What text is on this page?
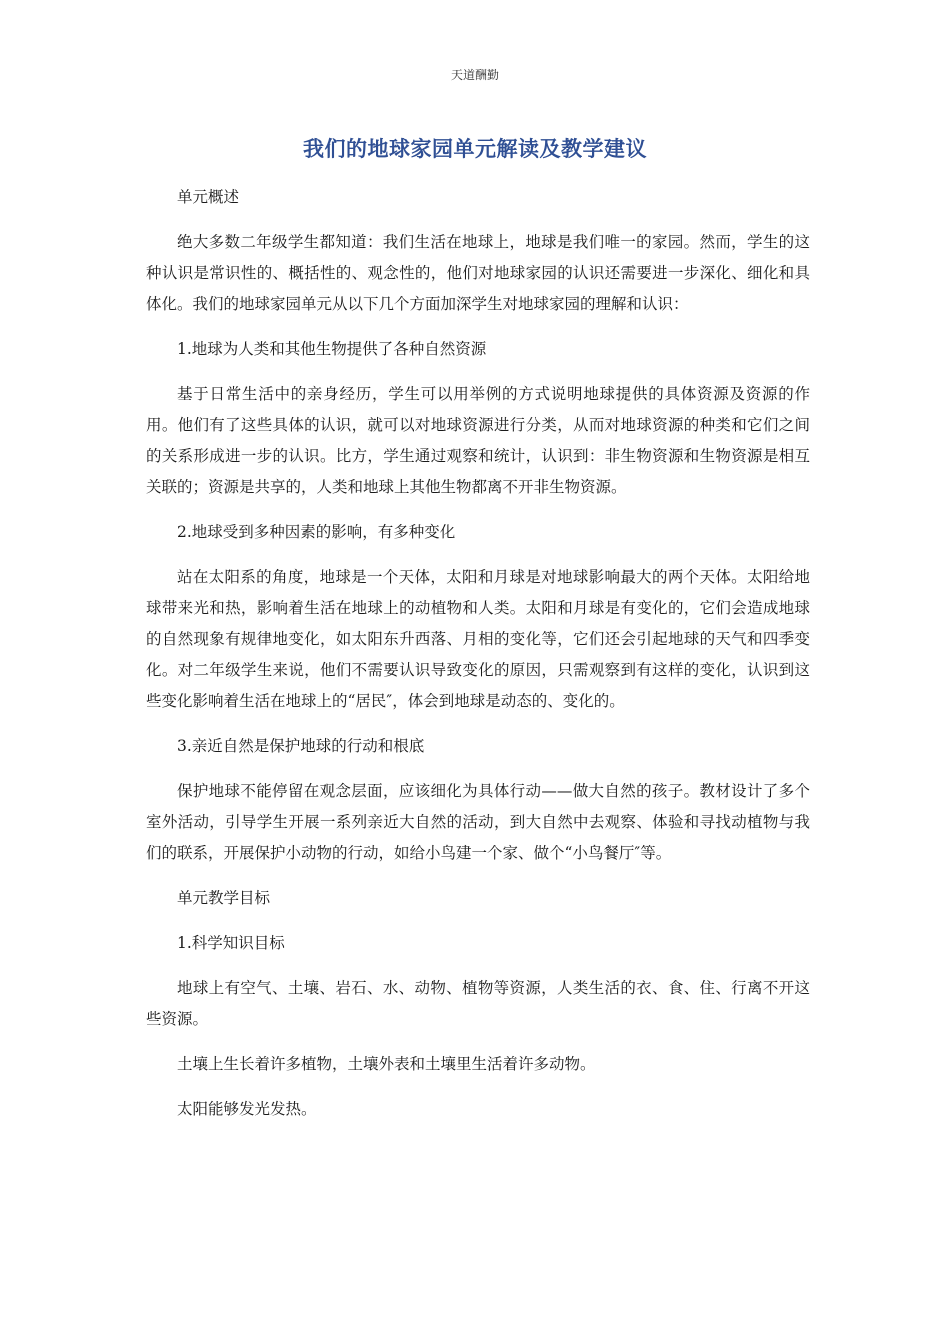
天道酬勤
我们的地球家园单元解读及教学建议

单元概述

绝大多数二年级学生都知道：我们生活在地球上，地球是我们唯一的家园。然而，学生的这种认识是常识性的、概括性的、观念性的，他们对地球家园的认识还需要进一步深化、细化和具体化。我们的地球家园单元从以下几个方面加深学生对地球家园的理解和认识：

1.地球为人类和其他生物提供了各种自然资源

基于日常生活中的亲身经历，学生可以用举例的方式说明地球提供的具体资源及资源的作用。他们有了这些具体的认识，就可以对地球资源进行分类，从而对地球资源的种类和它们之间的关系形成进一步的认识。比方，学生通过观察和统计，认识到：非生物资源和生物资源是相互关联的；资源是共享的，人类和地球上其他生物都离不开非生物资源。

2.地球受到多种因素的影响，有多种变化

站在太阳系的角度，地球是一个天体，太阳和月球是对地球影响最大的两个天体。太阳给地球带来光和热，影响着生活在地球上的动植物和人类。太阳和月球是有变化的，它们会造成地球的自然现象有规律地变化，如太阳东升西落、月相的变化等，它们还会引起地球的天气和四季变化。对二年级学生来说，他们不需要认识导致变化的原因，只需观察到有这样的变化，认识到这些变化影响着生活在地球上的“居民″，体会到地球是动态的、变化的。

3.亲近自然是保护地球的行动和根底

保护地球不能停留在观念层面，应该细化为具体行动——做大自然的孩子。教材设计了多个室外活动，引导学生开展一系列亲近大自然的活动，到大自然中去观察、体验和寻找动植物与我们的联系，开展保护小动物的行动，如给小鸟建一个家、做个“小鸟餐厅″等。

单元教学目标

1.科学知识目标

地球上有空气、土壤、岩石、水、动物、植物等资源，人类生活的衣、食、住、行离不开这些资源。

土壤上生长着许多植物，土壤外表和土壤里生活着许多动物。

太阳能够发光发热。
